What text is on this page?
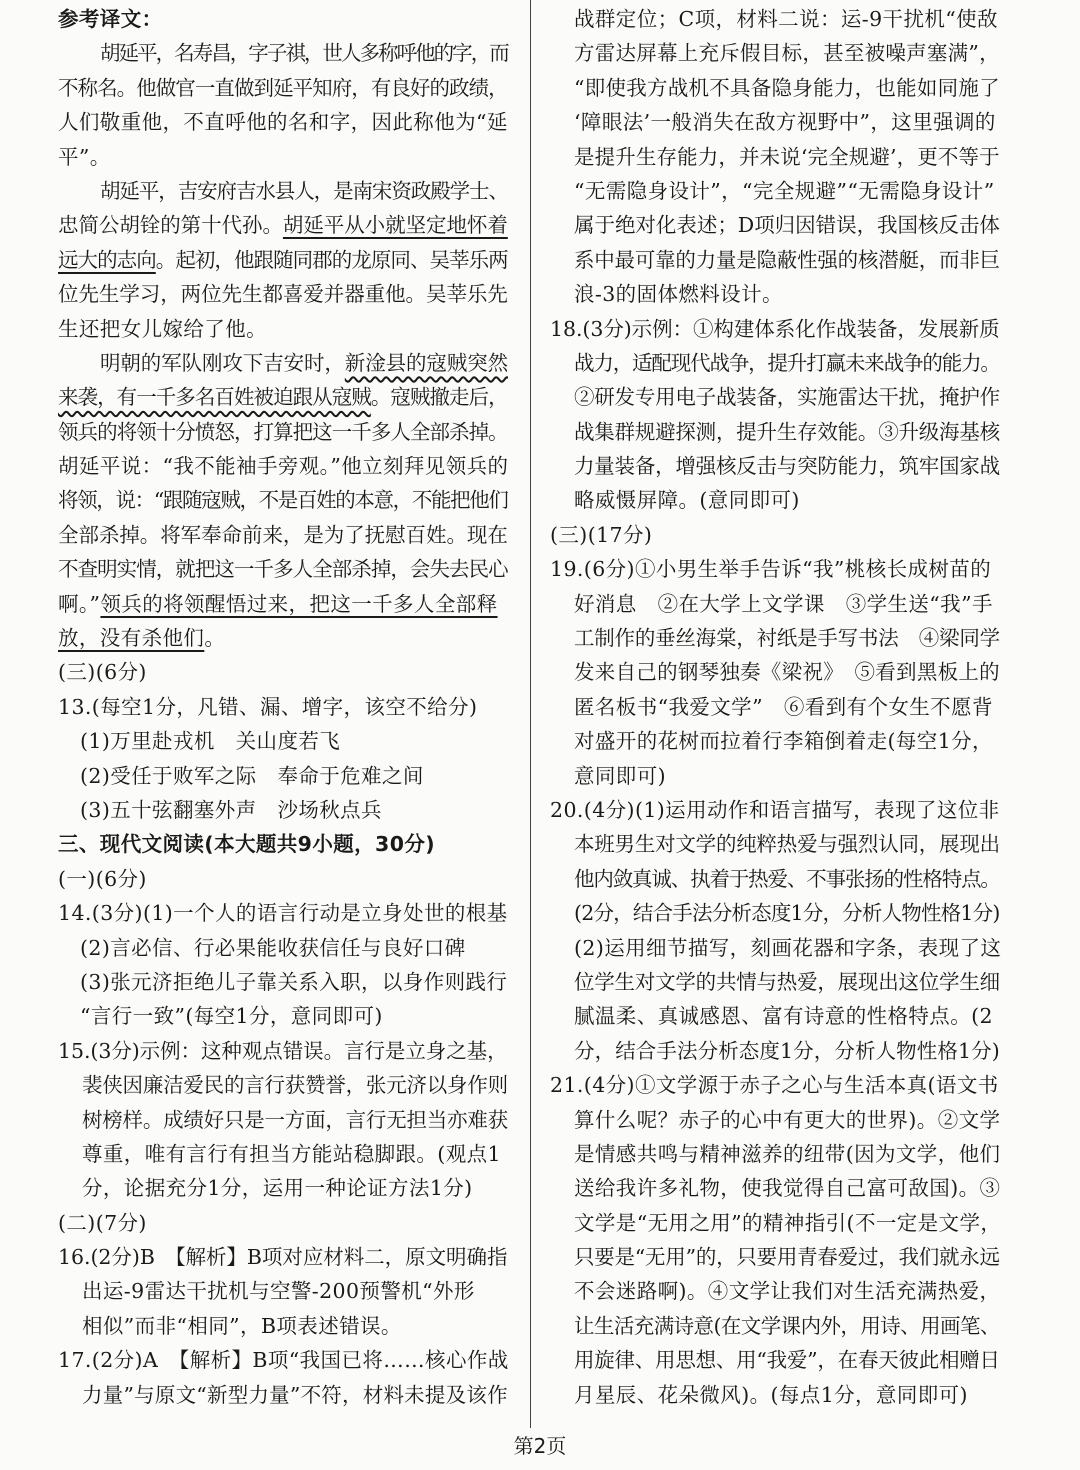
参考译文：
胡延平，名寿昌，字子祺，世人多称呼他的字，而
不称名。他做官一直做到延平知府，有良好的政绩，
人们敬重他，不直呼他的名和字，因此称他为“延
平”。
胡延平，吉安府吉水县人，是南宋资政殿学士、
忠简公胡铨的第十代孙。胡延平从小就坚定地怀着
远大的志向。起初，他跟随同郡的龙原同、吴莘乐两
位先生学习，两位先生都喜爱并器重他。吴莘乐先
生还把女儿嫁给了他。
明朝的军队刚攻下吉安时，新淦县的寇贼突然
来袭，有一千多名百姓被迫跟从寇贼。寇贼撤走后，
领兵的将领十分愤怒，打算把这一千多人全部杀掉。
胡延平说：“我不能袖手旁观。”他立刻拜见领兵的
将领，说：“跟随寇贼，不是百姓的本意，不能把他们
全部杀掉。将军奉命前来，是为了抚慰百姓。现在
不查明实情，就把这一千多人全部杀掉，会失去民心
啊。”领兵的将领醒悟过来，把这一千多人全部释
放，没有杀他们。
(三)(6分)
13.(每空1分，凡错、漏、增字，该空不给分)
(1)万里赴戎机　关山度若飞
(2)受任于败军之际　奉命于危难之间
(3)五十弦翻塞外声　沙场秋点兵
三、现代文阅读(本大题共9小题，30分)
(一)(6分)
14.(3分)(1)一个人的语言行动是立身处世的根基
(2)言必信、行必果能收获信任与良好口碑
(3)张元济拒绝儿子靠关系入职，以身作则践行
“言行一致”(每空1分，意同即可)
15.(3分)示例：这种观点错误。言行是立身之基，
裴侠因廉洁爱民的言行获赞誉，张元济以身作则
树榜样。成绩好只是一方面，言行无担当亦难获
尊重，唯有言行有担当方能站稳脚跟。(观点1
分，论据充分1分，运用一种论证方法1分)
(二)(7分)
16.(2分)B　【解析】B项对应材料二，原文明确指
出运-9雷达干扰机与空警-200预警机“外形
相似”而非“相同”，B项表述错误。
17.(2分)A　【解析】B项“我国已将……核心作战
力量”与原文“新型力量”不符，材料未提及该作
战群定位；C项，材料二说：运-9干扰机“使敌
方雷达屏幕上充斥假目标，甚至被噪声塞满”，
“即使我方战机不具备隐身能力，也能如同施了
‘障眼法’一般消失在敌方视野中”，这里强调的
是提升生存能力，并未说‘完全规避’，更不等于
“无需隐身设计”，“完全规避”“无需隐身设计”
属于绝对化表述；D项归因错误，我国核反击体
系中最可靠的力量是隐蔽性强的核潜艇，而非巨
浪-3的固体燃料设计。
18.(3分)示例：①构建体系化作战装备，发展新质
战力，适配现代战争，提升打赢未来战争的能力。
②研发专用电子战装备，实施雷达干扰，掩护作
战集群规避探测，提升生存效能。③升级海基核
力量装备，增强核反击与突防能力，筑牢国家战
略威慑屏障。(意同即可)
(三)(17分)
19.(6分)①小男生举手告诉“我”桃核长成树苗的
好消息　②在大学上文学课　③学生送“我”手
工制作的垂丝海棠，衬纸是手写书法　④梁同学
发来自己的钢琴独奏《梁祝》　⑤看到黑板上的
匿名板书“我爱文学”　⑥看到有个女生不愿背
对盛开的花树而拉着行李箱倒着走(每空1分，
意同即可)
20.(4分)(1)运用动作和语言描写，表现了这位非
本班男生对文学的纯粹热爱与强烈认同，展现出
他内敛真诚、执着于热爱、不事张扬的性格特点。
(2分，结合手法分析态度1分，分析人物性格1分)
(2)运用细节描写，刻画花器和字条，表现了这
位学生对文学的共情与热爱，展现出这位学生细
腻温柔、真诚感恩、富有诗意的性格特点。(2
分，结合手法分析态度1分，分析人物性格1分)
21.(4分)①文学源于赤子之心与生活本真(语文书
算什么呢？赤子的心中有更大的世界)。②文学
是情感共鸣与精神滋养的纽带(因为文学，他们
送给我许多礼物，使我觉得自己富可敌国)。③
文学是“无用之用”的精神指引(不一定是文学，
只要是“无用”的，只要用青春爱过，我们就永远
不会迷路啊)。④文学让我们对生活充满热爱，
让生活充满诗意(在文学课内外，用诗、用画笔、
用旋律、用思想、用“我爱”，在春天彼此相赠日
月星辰、花朵微风)。(每点1分，意同即可)
第2页
